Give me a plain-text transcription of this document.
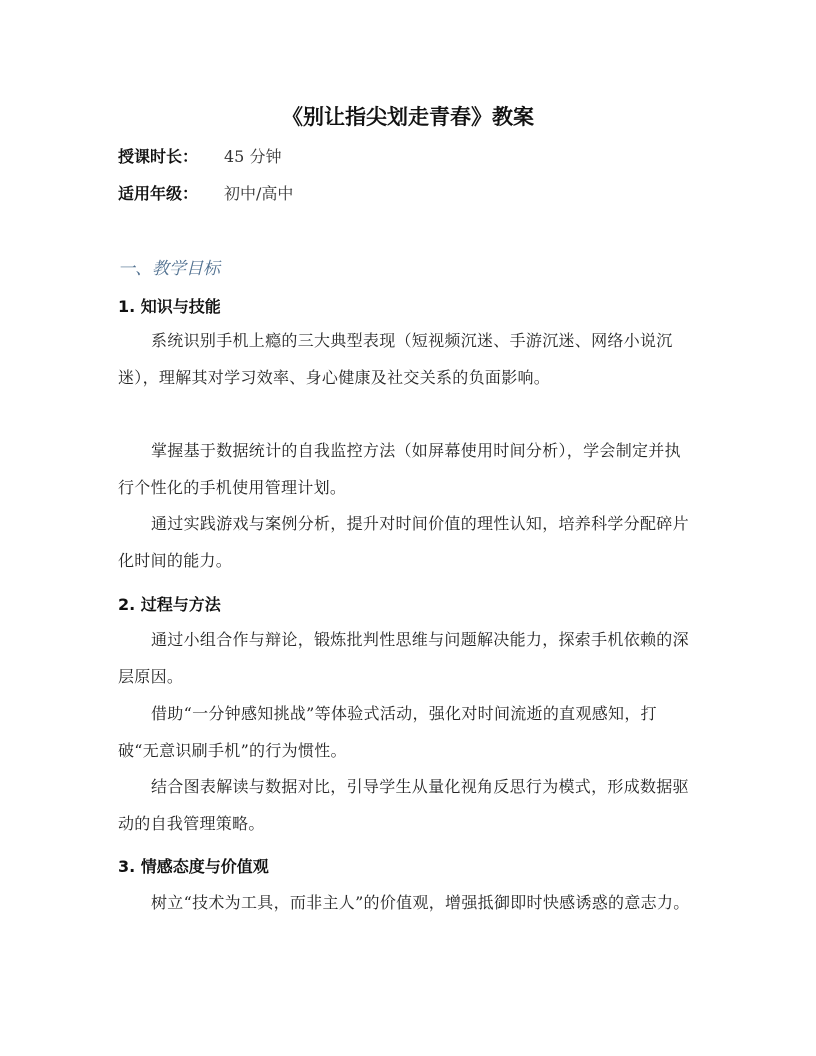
《别让指尖划走青春》教案
授课时长： 45 分钟
适用年级： 初中/高中
一、教学目标
1. 知识与技能

系统识别手机上瘾的三大典型表现（短视频沉迷、手游沉迷、网络小说沉迷），理解其对学习效率、身心健康及社交关系的负面影响。

掌握基于数据统计的自我监控方法（如屏幕使用时间分析），学会制定并执行个性化的手机使用管理计划。

通过实践游戏与案例分析，提升对时间价值的理性认知，培养科学分配碎片化时间的能力。

2. 过程与方法

通过小组合作与辩论，锻炼批判性思维与问题解决能力，探索手机依赖的深层原因。

借助“一分钟感知挑战”等体验式活动，强化对时间流逝的直观感知，打破“无意识刷手机”的行为惯性。

结合图表解读与数据对比，引导学生从量化视角反思行为模式，形成数据驱动的自我管理策略。

3. 情感态度与价值观

树立“技术为工具，而非主人”的价值观，增强抵御即时快感诱惑的意志力。
